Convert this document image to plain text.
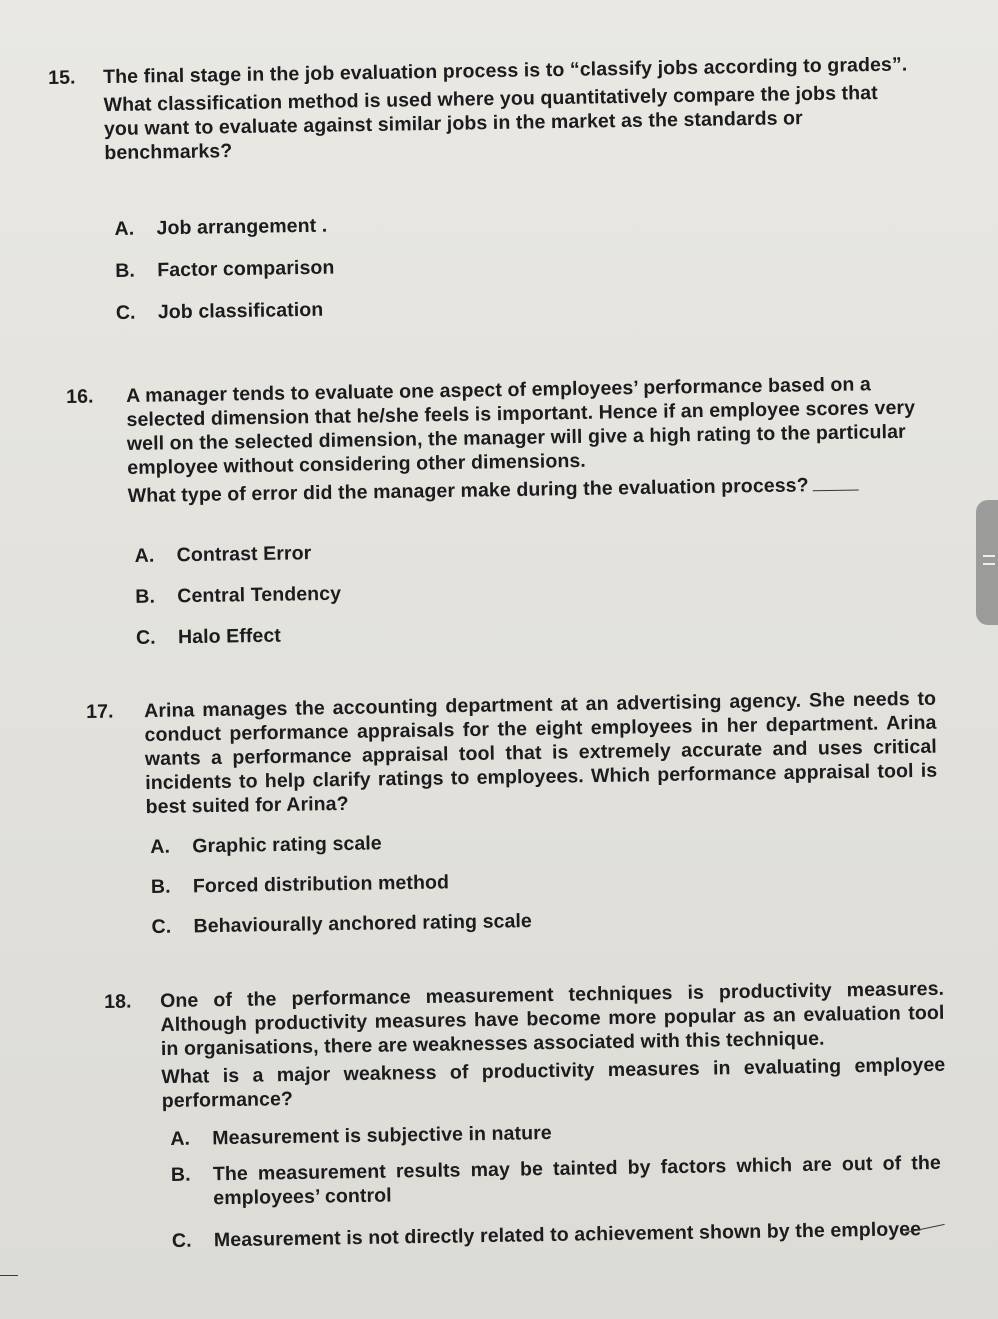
15. The final stage in the job evaluation process is to “classify jobs according to grades”.

What classification method is used where you quantitatively compare the jobs that you want to evaluate against similar jobs in the market as the standards or benchmarks?

A. Job arrangement .
B. Factor comparison
C. Job classification
16. A manager tends to evaluate one aspect of employees’ performance based on a selected dimension that he/she feels is important. Hence if an employee scores very well on the selected dimension, the manager will give a high rating to the particular employee without considering other dimensions.

What type of error did the manager make during the evaluation process?

A. Contrast Error
B. Central Tendency
C. Halo Effect
17. Arina manages the accounting department at an advertising agency. She needs to conduct performance appraisals for the eight employees in her department. Arina wants a performance appraisal tool that is extremely accurate and uses critical incidents to help clarify ratings to employees. Which performance appraisal tool is best suited for Arina?

A. Graphic rating scale
B. Forced distribution method
C. Behaviourally anchored rating scale
18. One of the performance measurement techniques is productivity measures. Although productivity measures have become more popular as an evaluation tool in organisations, there are weaknesses associated with this technique.

What is a major weakness of productivity measures in evaluating employee performance?

A. Measurement is subjective in nature
B.	The measurement results may be tainted by factors which are out of the employees’ control
C. Measurement is not directly related to achievement shown by the employee
